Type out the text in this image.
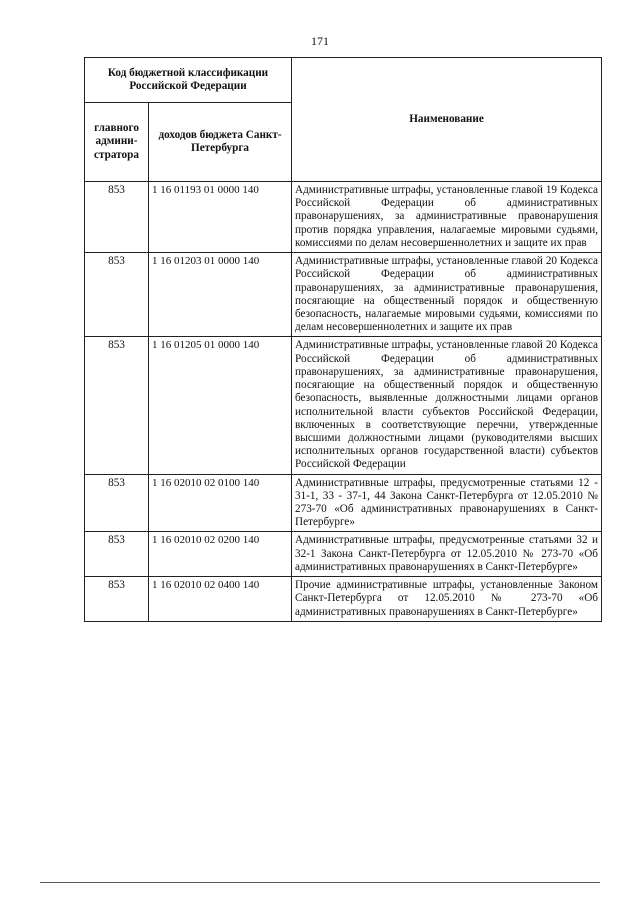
171
Код бюджетной классификации Российской Федерации		Наименование
главного админи-стратора	доходов бюджета Санкт-Петербурга	
853	1 16 01193 01 0000 140	Административные штрафы, установленные главой 19 Кодекса Российской Федерации об административных правонарушениях, за административные правонарушения против порядка управления, налагаемые мировыми судьями, комиссиями по делам несовершеннолетних и защите их прав
853	1 16 01203 01 0000 140	Административные штрафы, установленные главой 20 Кодекса Российской Федерации об административных правонарушениях, за административные правонарушения, посягающие на общественный порядок и общественную безопасность, налагаемые мировыми судьями, комиссиями по делам несовершеннолетних и защите их прав
853	1 16 01205 01 0000 140	Административные штрафы, установленные главой 20 Кодекса Российской Федерации об административных правонарушениях, за административные правонарушения, посягающие на общественный порядок и общественную безопасность, выявленные должностными лицами органов исполнительной власти субъектов Российской Федерации, включенных в соответствующие перечни, утвержденные высшими должностными лицами (руководителями высших исполнительных органов государственной власти) субъектов Российской Федерации
853	1 16 02010 02 0100 140	Административные штрафы, предусмотренные статьями 12 - 31-1, 33 - 37-1, 44 Закона Санкт-Петербурга от 12.05.2010 № 273-70 «Об административных правонарушениях в Санкт-Петербурге»
853	1 16 02010 02 0200 140	Административные штрафы, предусмотренные статьями 32 и 32-1 Закона Санкт-Петербурга от 12.05.2010 № 273-70 «Об административных правонарушениях в Санкт-Петербурге»
853	1 16 02010 02 0400 140	Прочие административные штрафы, установленные Законом Санкт-Петербурга от 12.05.2010 № 273-70 «Об административных правонарушениях в Санкт-Петербурге»
